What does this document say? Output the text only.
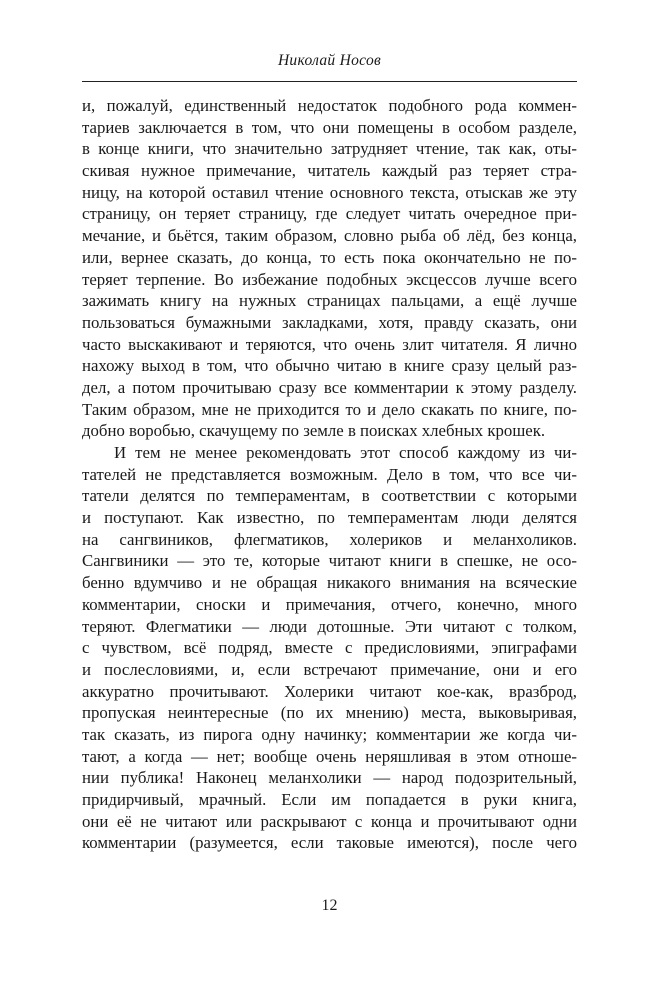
Николай Носов
и, пожалуй, единственный недостаток подобного рода коммен-
тариев заключается в том, что они помещены в особом разделе,
в конце книги, что значительно затрудняет чтение, так как, оты-
скивая нужное примечание, читатель каждый раз теряет стра-
ницу, на которой оставил чтение основного текста, отыскав же эту
страницу, он теряет страницу, где следует читать очередное при-
мечание, и бьётся, таким образом, словно рыба об лёд, без конца,
или, вернее сказать, до конца, то есть пока окончательно не по-
теряет терпение. Во избежание подобных эксцессов лучше всего
зажимать книгу на нужных страницах пальцами, а ещё лучше
пользоваться бумажными закладками, хотя, правду сказать, они
часто выскакивают и теряются, что очень злит читателя. Я лично
нахожу выход в том, что обычно читаю в книге сразу целый раз-
дел, а потом прочитываю сразу все комментарии к этому разделу.
Таким образом, мне не приходится то и дело скакать по книге, по-
добно воробью, скачущему по земле в поисках хлебных крошек.
И тем не менее рекомендовать этот способ каждому из чи-
тателей не представляется возможным. Дело в том, что все чи-
татели делятся по темпераментам, в соответствии с которыми
и поступают. Как известно, по темпераментам люди делятся
на сангвиников, флегматиков, холериков и меланхоликов.
Сангвиники — это те, которые читают книги в спешке, не осо-
бенно вдумчиво и не обращая никакого внимания на всяческие
комментарии, сноски и примечания, отчего, конечно, много
теряют. Флегматики — люди дотошные. Эти читают с толком,
с чувством, всё подряд, вместе с предисловиями, эпиграфами
и послесловиями, и, если встречают примечание, они и его
аккуратно прочитывают. Холерики читают кое-как, вразброд,
пропуская неинтересные (по их мнению) места, выковыривая,
так сказать, из пирога одну начинку; комментарии же когда чи-
тают, а когда — нет; вообще очень неряшливая в этом отноше-
нии публика! Наконец меланхолики — народ подозрительный,
придирчивый, мрачный. Если им попадается в руки книга,
они её не читают или раскрывают с конца и прочитывают одни
комментарии (разумеется, если таковые имеются), после чего
12
